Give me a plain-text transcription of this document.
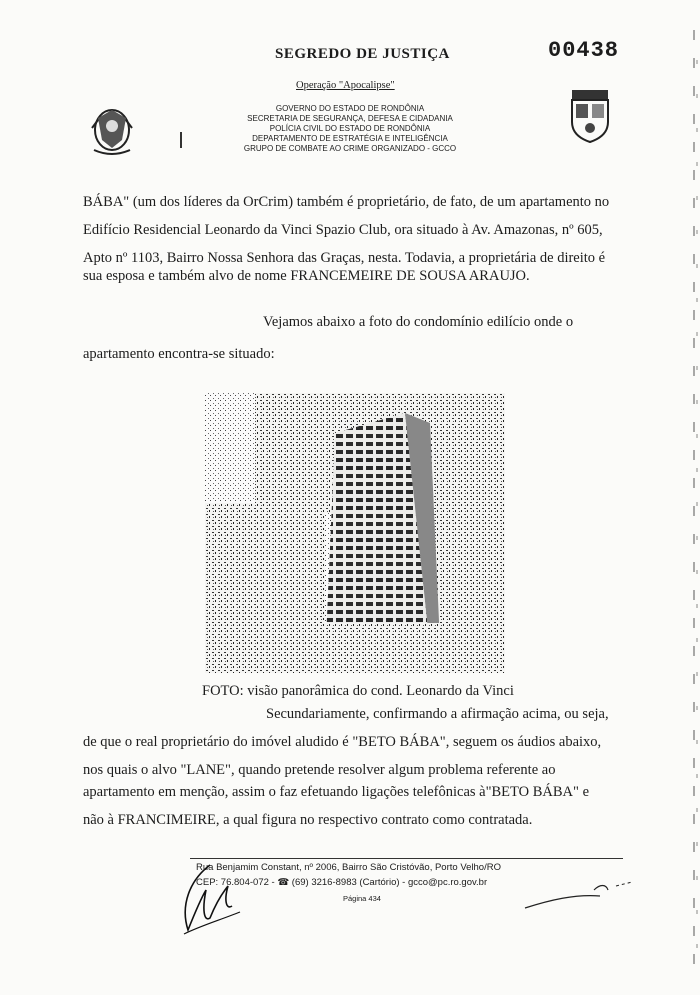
SEGREDO DE JUSTIÇA	00438
Operação "Apocalipse"
GOVERNO DO ESTADO DE RONDÔNIA
SECRETARIA DE SEGURANÇA, DEFESA E CIDADANIA
POLÍCIA CIVIL DO ESTADO DE RONDÔNIA
DEPARTAMENTO DE ESTRATÉGIA E INTELIGÊNCIA
GRUPO DE COMBATE AO CRIME ORGANIZADO - GCCO
BÁBA" (um dos líderes da OrCrim) também é proprietário, de fato, de um apartamento no
Edifício Residencial Leonardo da Vinci Spazio Club, ora situado à Av. Amazonas, nº 605,
Apto nº 1103, Bairro Nossa Senhora das Graças, nesta. Todavia, a proprietária de direito é
sua esposa e também alvo de nome FRANCEMEIRE DE SOUSA ARAUJO.
Vejamos abaixo a foto do condomínio edilício onde o
apartamento encontra-se situado:
FOTO: visão panorâmica do cond. Leonardo da Vinci
Secundariamente, confirmando a afirmação acima, ou seja,
de que o real proprietário do imóvel aludido é "BETO BÁBA", seguem os áudios abaixo,
nos quais o alvo "LANE", quando pretende resolver algum problema referente ao
apartamento em menção, assim o faz efetuando ligações telefônicas à"BETO BÁBA" e
não à FRANCIMEIRE, a qual figura no respectivo contrato como contratada.
Rua Benjamim Constant, nº 2006, Bairro São Cristóvão, Porto Velho/RO
CEP: 76.804-072 - ☎ (69) 3216-8983 (Cartório) - gcco@pc.ro.gov.br
Página 434
